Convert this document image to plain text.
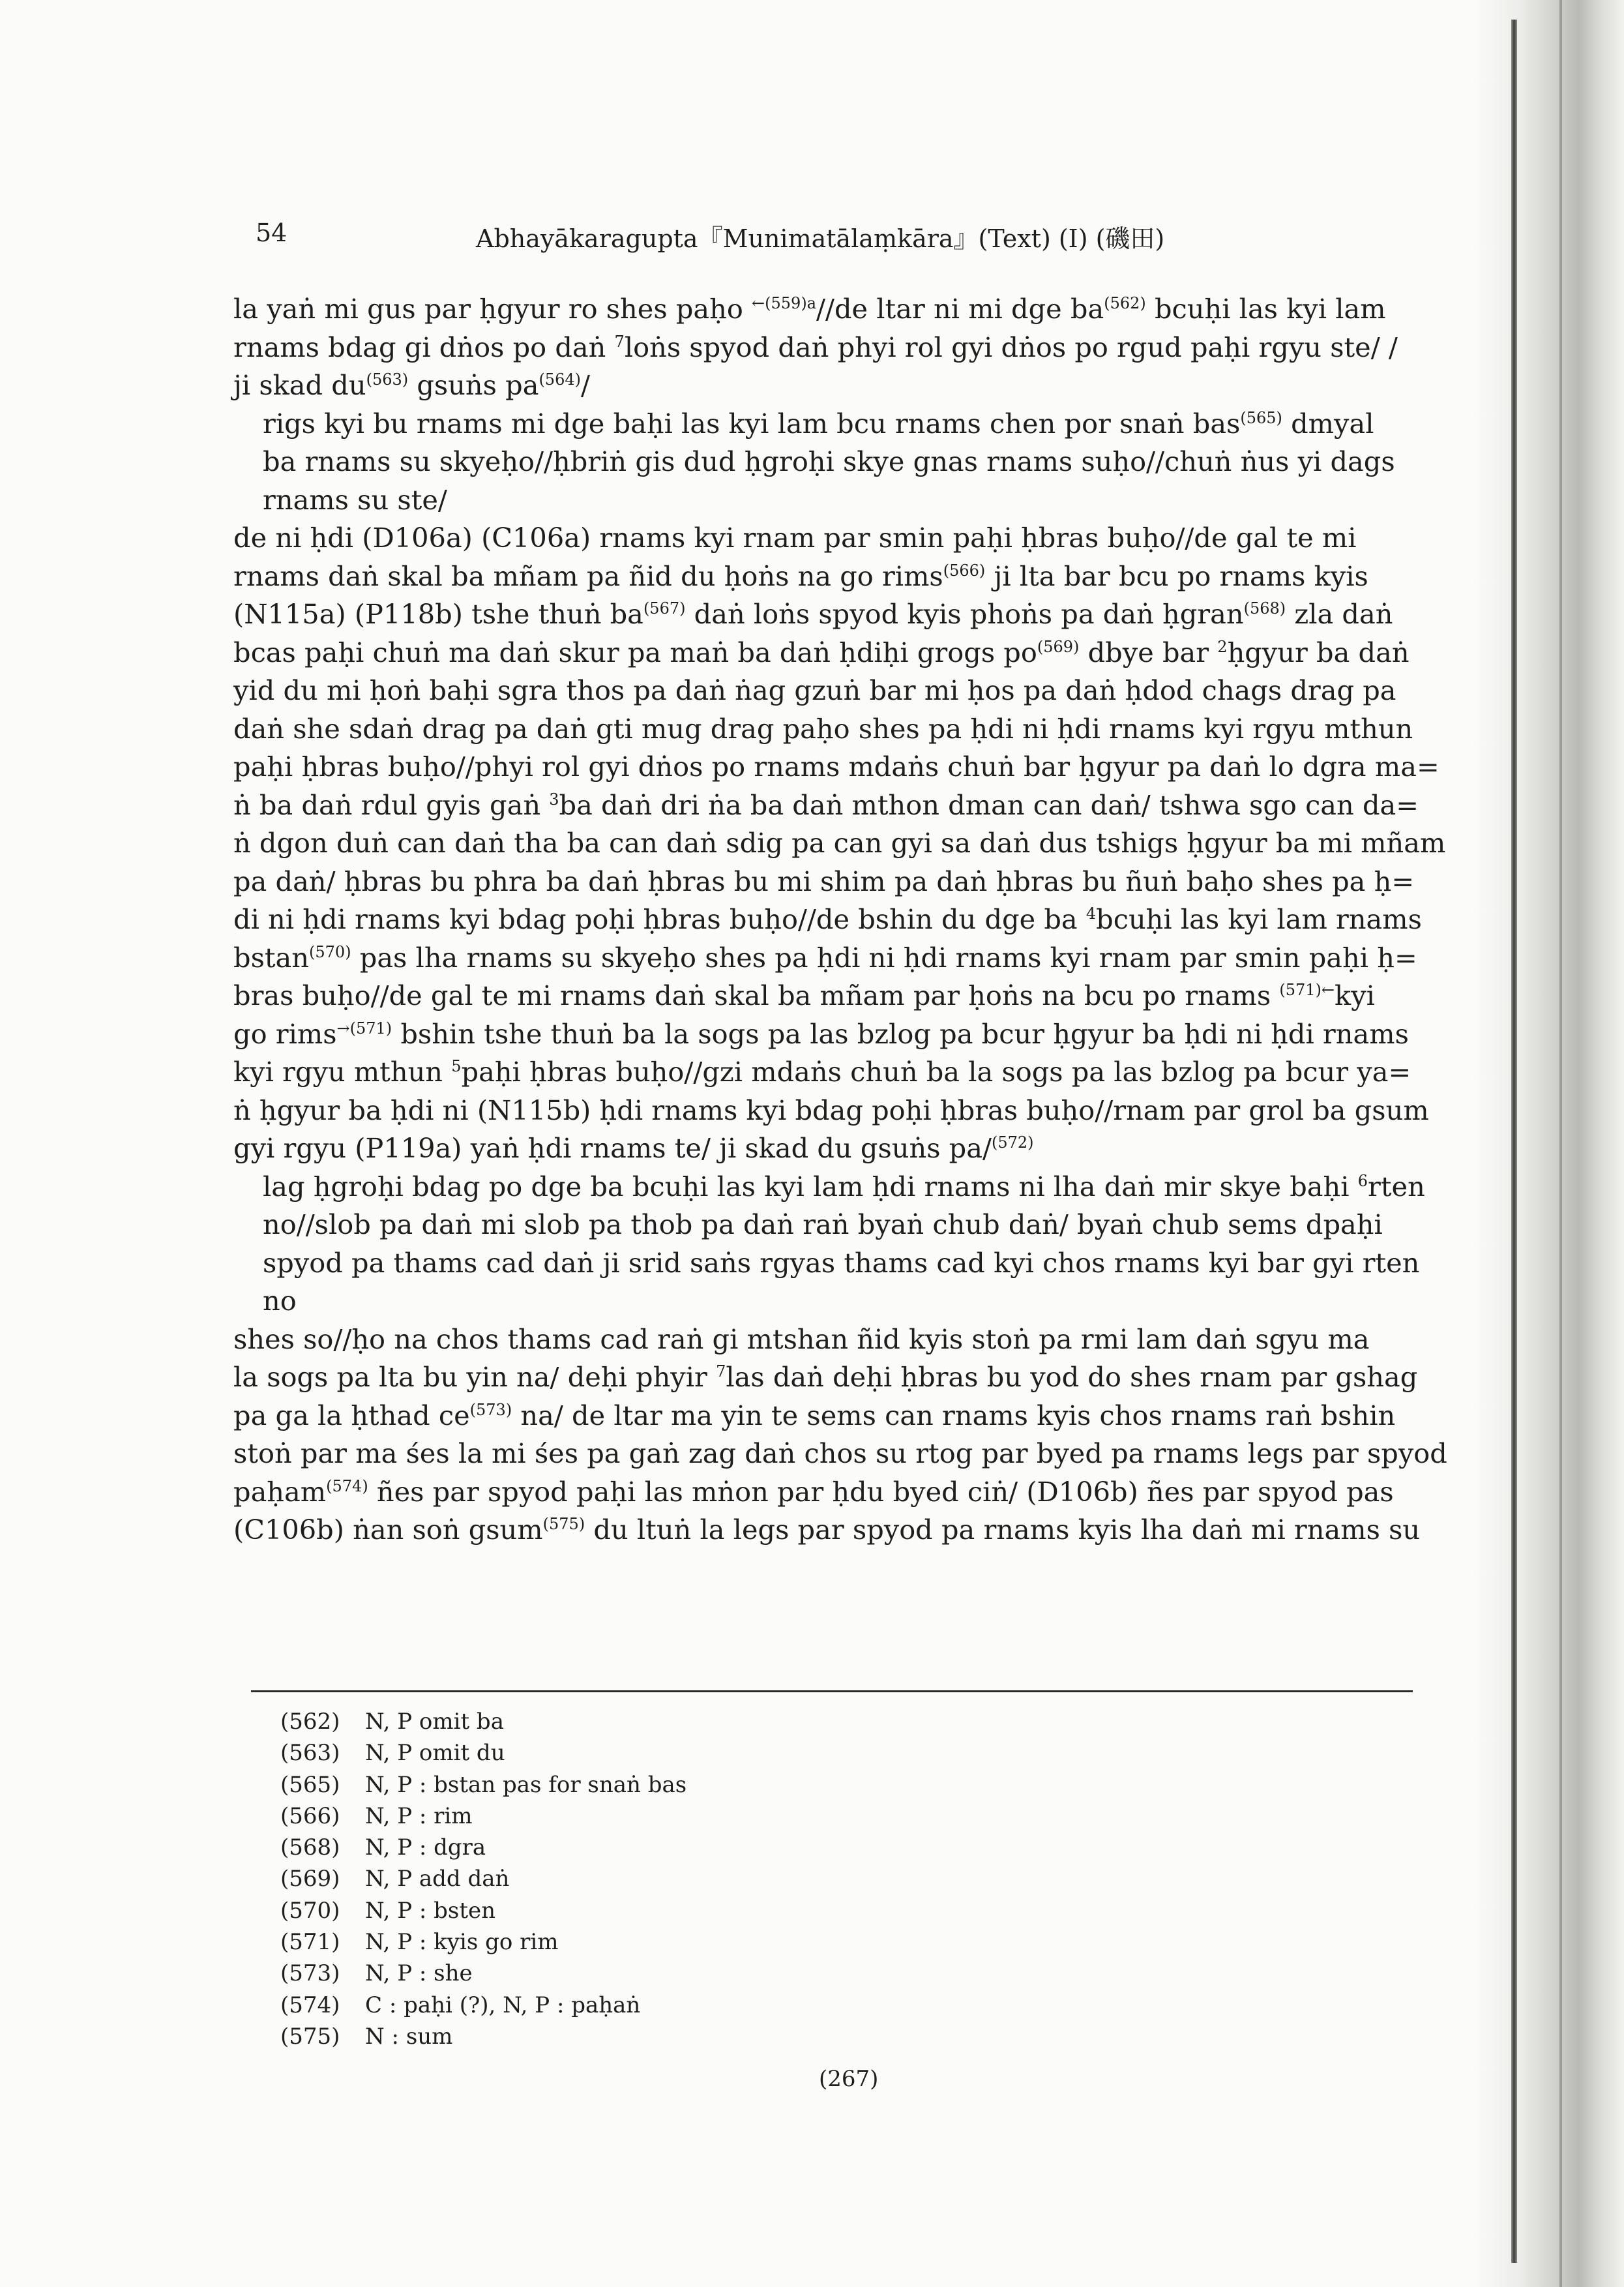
54	Abhayākaragupta『Munimatālaṃkāra』(Text) (I) (磯田)
la yaṅ mi gus par ḥgyur ro shes paḥo $^{\leftarrow(559)a}$//de ltar ni mi dge $ba^{(562)}$ bcuḥi las kyi lam
rnams bdag gi dṅos po daṅ $^7$loṅs spyod daṅ phyi rol gyi dṅos po rgud paḥi rgyu ste/ /
ji skad $du^{(563)}$ gsuṅs $pa^{(564)}/$
rigs kyi bu rnams mi dge baḥi las kyi lam bcu rnams chen por snaṅ bas$^{(565)}$ dmyal
ba rnams su skyeḥo//ḥbriṅ gis dud ḥgroḥi skye gnas rnams suḥo//chuṅ ṅus yi dags
rnams su ste/
de ni ḥdi (D106a) (C106a) rnams kyi rnam par smin paḥi ḥbras buḥo//de gal te mi
rnams daṅ skal ba mñam pa ñid du ḥoṅs na go rims$^{(566)}$ ji lta bar bcu po rnams kyis
(N115a) (P118b) tshe thuṅ $ba^{(567)}$ daṅ loṅs spyod kyis phoṅs pa daṅ ḥgran$^{(568)}$ zla daṅ
bcas paḥi chuṅ ma daṅ skur pa maṅ ba daṅ ḥdiḥi grogs $po^{(569)}$ dbye bar $^2$ḥgyur ba daṅ
yid du mi ḥoṅ baḥi sgra thos pa daṅ ṅag gzuṅ bar mi ḥos pa daṅ ḥdod chags drag pa
daṅ she sdaṅ drag pa daṅ gti mug drag paḥo shes pa ḥdi ni ḥdi rnams kyi rgyu mthun
paḥi ḥbras buḥo//phyi rol gyi dṅos po rnams mdaṅs chuṅ bar ḥgyur pa daṅ lo dgra ma=
ṅ ba daṅ rdul gyis gaṅ $^3$ba daṅ dri ṅa ba daṅ mthon dman can daṅ/ tshwa sgo can da=
ṅ dgon duṅ can daṅ tha ba can daṅ sdig pa can gyi sa daṅ dus tshigs ḥgyur ba mi mñam
pa daṅ/ ḥbras bu phra ba daṅ ḥbras bu mi shim pa daṅ ḥbras bu ñuṅ baḥo shes pa ḥ=
di ni ḥdi rnams kyi bdag poḥi ḥbras buḥo//de bshin du dge ba $^4$bcuḥi las kyi lam rnams
bstan$^{(570)}$ pas lha rnams su skyeḥo shes pa ḥdi ni ḥdi rnams kyi rnam par smin paḥi ḥ=
bras buḥo//de gal te mi rnams daṅ skal ba mñam par ḥoṅs na bcu po rnams $^{(571)\leftarrow}$kyi
go rims$^{\to(571)}$ bshin tshe thuṅ ba la sogs pa las bzlog pa bcur ḥgyur ba ḥdi ni ḥdi rnams
kyi rgyu mthun $^5$paḥi ḥbras buḥo//gzi mdaṅs chuṅ ba la sogs pa las bzlog pa bcur ya=
ṅ ḥgyur ba ḥdi ni (N115b) ḥdi rnams kyi bdag poḥi ḥbras buḥo//rnam par grol ba gsum
gyi rgyu (P119a) yaṅ ḥdi rnams te/ ji skad du gsuṅs pa/$^{(572)}$
lag ḥgroḥi bdag po dge ba bcuḥi las kyi lam ḥdi rnams ni lha daṅ mir skye baḥi $^6$rten
no//slob pa daṅ mi slob pa thob pa daṅ raṅ byaṅ chub daṅ/ byaṅ chub sems dpaḥi
spyod pa thams cad daṅ ji srid saṅs rgyas thams cad kyi chos rnams kyi bar gyi rten
no
shes so//ḥo na chos thams cad raṅ gi mtshan ñid kyis stoṅ pa rmi lam daṅ sgyu ma
la sogs pa lta bu yin na/ deḥi phyir $^7$las daṅ deḥi ḥbras bu yod do shes rnam par gshag
pa ga la ḥthad $ce^{(573)}$ na/ de ltar ma yin te sems can rnams kyis chos rnams raṅ bshin
stoṅ par ma śes la mi śes pa gaṅ zag daṅ chos su rtog par byed pa rnams legs par spyod
paḥam$^{(574)}$ ñes par spyod paḥi las mṅon par ḥdu byed ciṅ/ (D106b) ñes par spyod pas
(C106b) ṅan soṅ gsum$^{(575)}$ du ltuṅ la legs par spyod pa rnams kyis lha daṅ mi rnams su
(562) N, P omit ba
(563) N, P omit du
(565) N, P : bstan pas for snaṅ bas
(566) N, P : rim
(568) N, P : dgra
(569) N, P add daṅ
(570) N, P : bsten
(571) N, P : kyis go rim
(573) N, P : she
(574) C : paḥi (?), N, P : paḥaṅ
(575) N : sum
(267)
